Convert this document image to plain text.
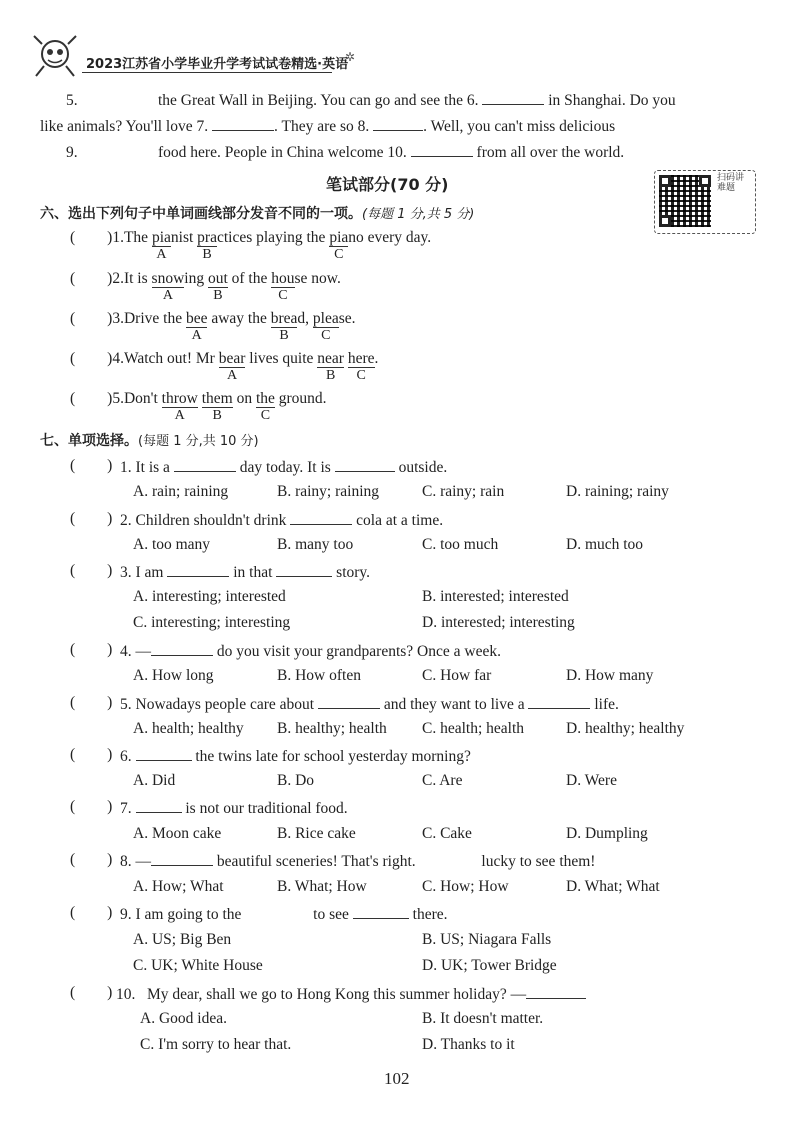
2023江苏省小学毕业升学考试试卷精选·英语
✲
5.	the Great Wall in Beijing. You can go and see the 6.	in Shanghai. Do you
like animals? You'll love 7.	. They are so 8.	. Well, you can't miss delicious
9.	food here. People in China welcome 10.	from all over the world.
笔试部分(70 分)	扫码讲难题
六、选出下列句子中单词画线部分发音不同的一项。(每题 1 分,共 5 分)
( )1.The pia
A
nist pra
B
ctices playing the pia
C
no every day.
( )2.It is snow
A
ing out
B
of the hou
C
se now.
( )3.Drive the bee
A
away the brea
B
d, plea
C
se.
( )4.Watch out! Mr bear
A
lives quite near
B
here
C
.
( )5.Don't throw
A
them
B
on the
C
ground.
七、单项选择。(每题 1 分,共 10 分)
( ) 1. It is a	day today. It is	outside.
A. rain; raining	B. rainy; raining	C. rainy; rain	D. raining; rainy
( ) 2. Children shouldn't drink	cola at a time.
A. too many	B. many too	C. too much	D. much too
( ) 3. I am	in that	story.
A. interesting; interested	B. interested; interested
C. interesting; interesting	D. interested; interesting
( ) 4. —	do you visit your grandparents? Once a week.
A. How long	B. How often	C. How far	D. How many
( ) 5. Nowadays people care about	and they want to live a	life.
A. health; healthy B. healthy; health C. health; health	D. healthy; healthy
( ) 6.	the twins late for school yesterday morning?
A. Did	B. Do	C. Are	D. Were
( ) 7.	is not our traditional food.
A. Moon cake	B. Rice cake	C. Cake	D. Dumpling
( ) 8. —	beautiful sceneries! That's right.	lucky to see them!
A. How; What	B. What; How	C. How; How	D. What; What
( ) 9. I am going to the	to see	there.
A. US; Big Ben	B. US; Niagara Falls
C. UK; White House	D. UK; Tower Bridge
( ) 10. My dear, shall we go to Hong Kong this summer holiday? —
A. Good idea.	B. It doesn't matter.
C. I'm sorry to hear that.	D. Thanks to it
102
